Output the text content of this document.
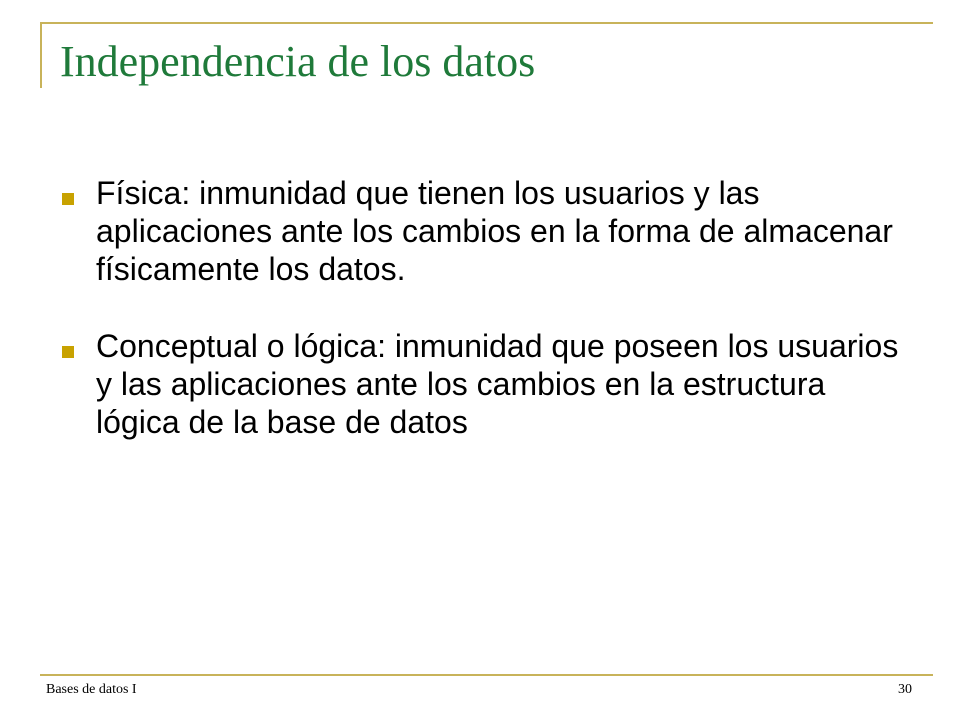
Independencia de los datos
Física: inmunidad que tienen los usuarios y las aplicaciones ante los cambios en la forma de almacenar físicamente los datos.
Conceptual o lógica: inmunidad que poseen los usuarios y las aplicaciones ante los cambios en la estructura lógica de la base de datos
Bases de datos I	30
